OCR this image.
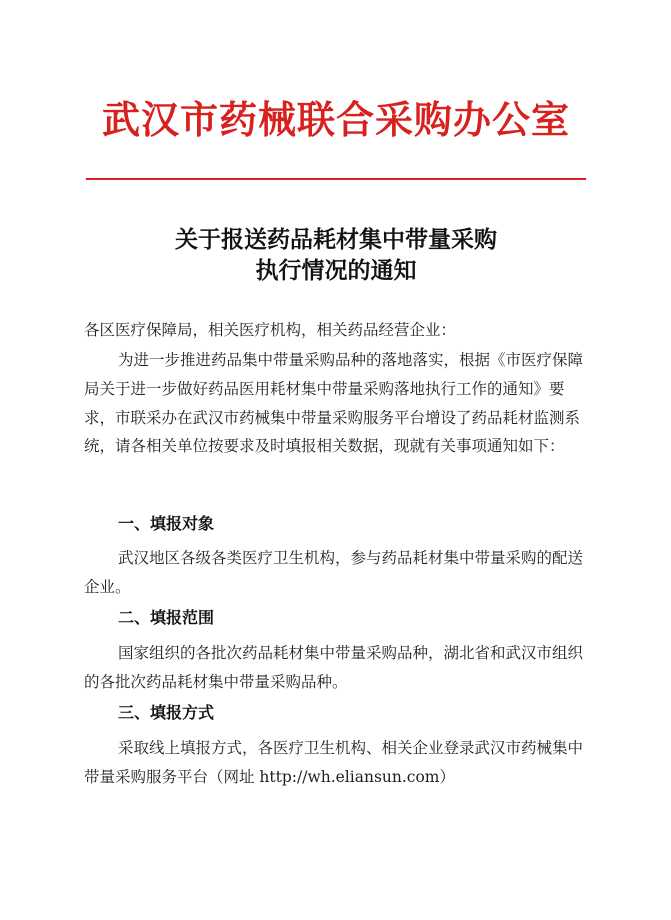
武汉市药械联合采购办公室
关于报送药品耗材集中带量采购
执行情况的通知
各区医疗保障局，相关医疗机构，相关药品经营企业：
为进一步推进药品集中带量采购品种的落地落实，根据《市医疗保障局关于进一步做好药品医用耗材集中带量采购落地执行工作的通知》要求，市联采办在武汉市药械集中带量采购服务平台增设了药品耗材监测系统，请各相关单位按要求及时填报相关数据，现就有关事项通知如下：
一、填报对象
武汉地区各级各类医疗卫生机构，参与药品耗材集中带量采购的配送企业。
二、填报范围
国家组织的各批次药品耗材集中带量采购品种，湖北省和武汉市组织的各批次药品耗材集中带量采购品种。
三、填报方式
采取线上填报方式，各医疗卫生机构、相关企业登录武汉市药械集中带量采购服务平台（网址 http://wh.eliansun.com）
